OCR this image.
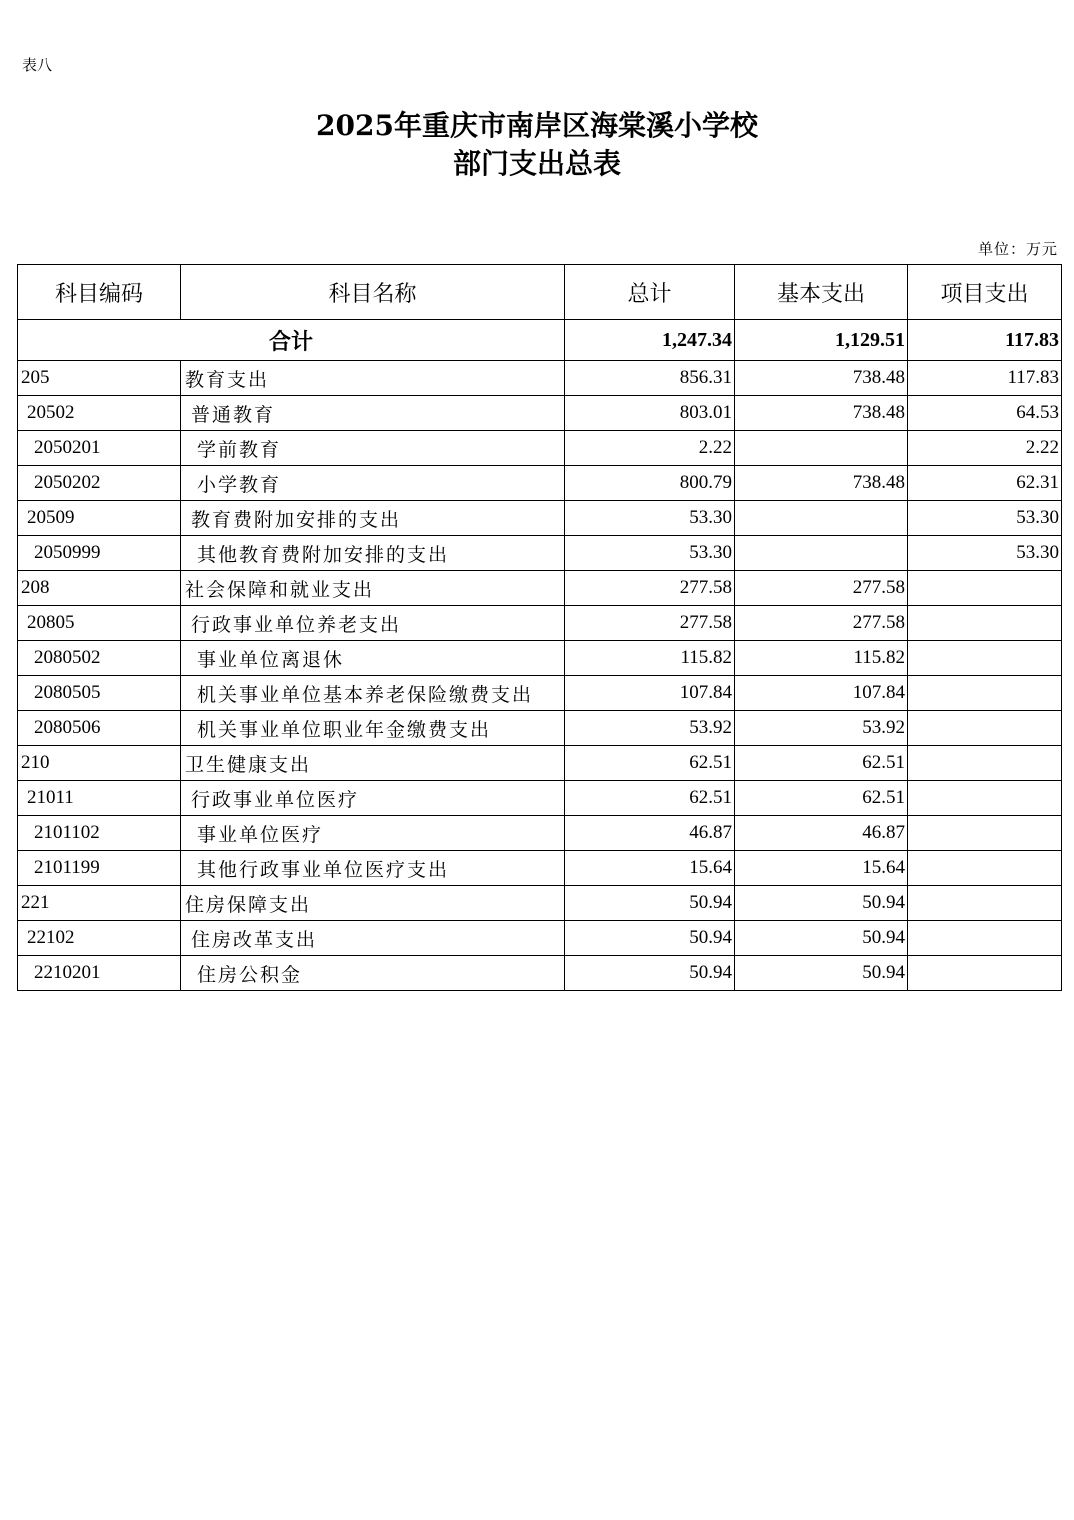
表八
2025年重庆市南岸区海棠溪小学校
部门支出总表
单位：万元
科目编码	科目名称	总计	基本支出	项目支出
合计		1,247.34	1,129.51	117.83
205	教育支出	856.31	738.48	117.83
20502	普通教育	803.01	738.48	64.53
2050201	学前教育	2.22		2.22
2050202	小学教育	800.79	738.48	62.31
20509	教育费附加安排的支出	53.30		53.30
2050999	其他教育费附加安排的支出	53.30		53.30
208	社会保障和就业支出	277.58	277.58	
20805	行政事业单位养老支出	277.58	277.58	
2080502	事业单位离退休	115.82	115.82	
2080505	机关事业单位基本养老保险缴费支出	107.84	107.84	
2080506	机关事业单位职业年金缴费支出	53.92	53.92	
210	卫生健康支出	62.51	62.51	
21011	行政事业单位医疗	62.51	62.51	
2101102	事业单位医疗	46.87	46.87	
2101199	其他行政事业单位医疗支出	15.64	15.64	
221	住房保障支出	50.94	50.94	
22102	住房改革支出	50.94	50.94	
2210201	住房公积金	50.94	50.94	
